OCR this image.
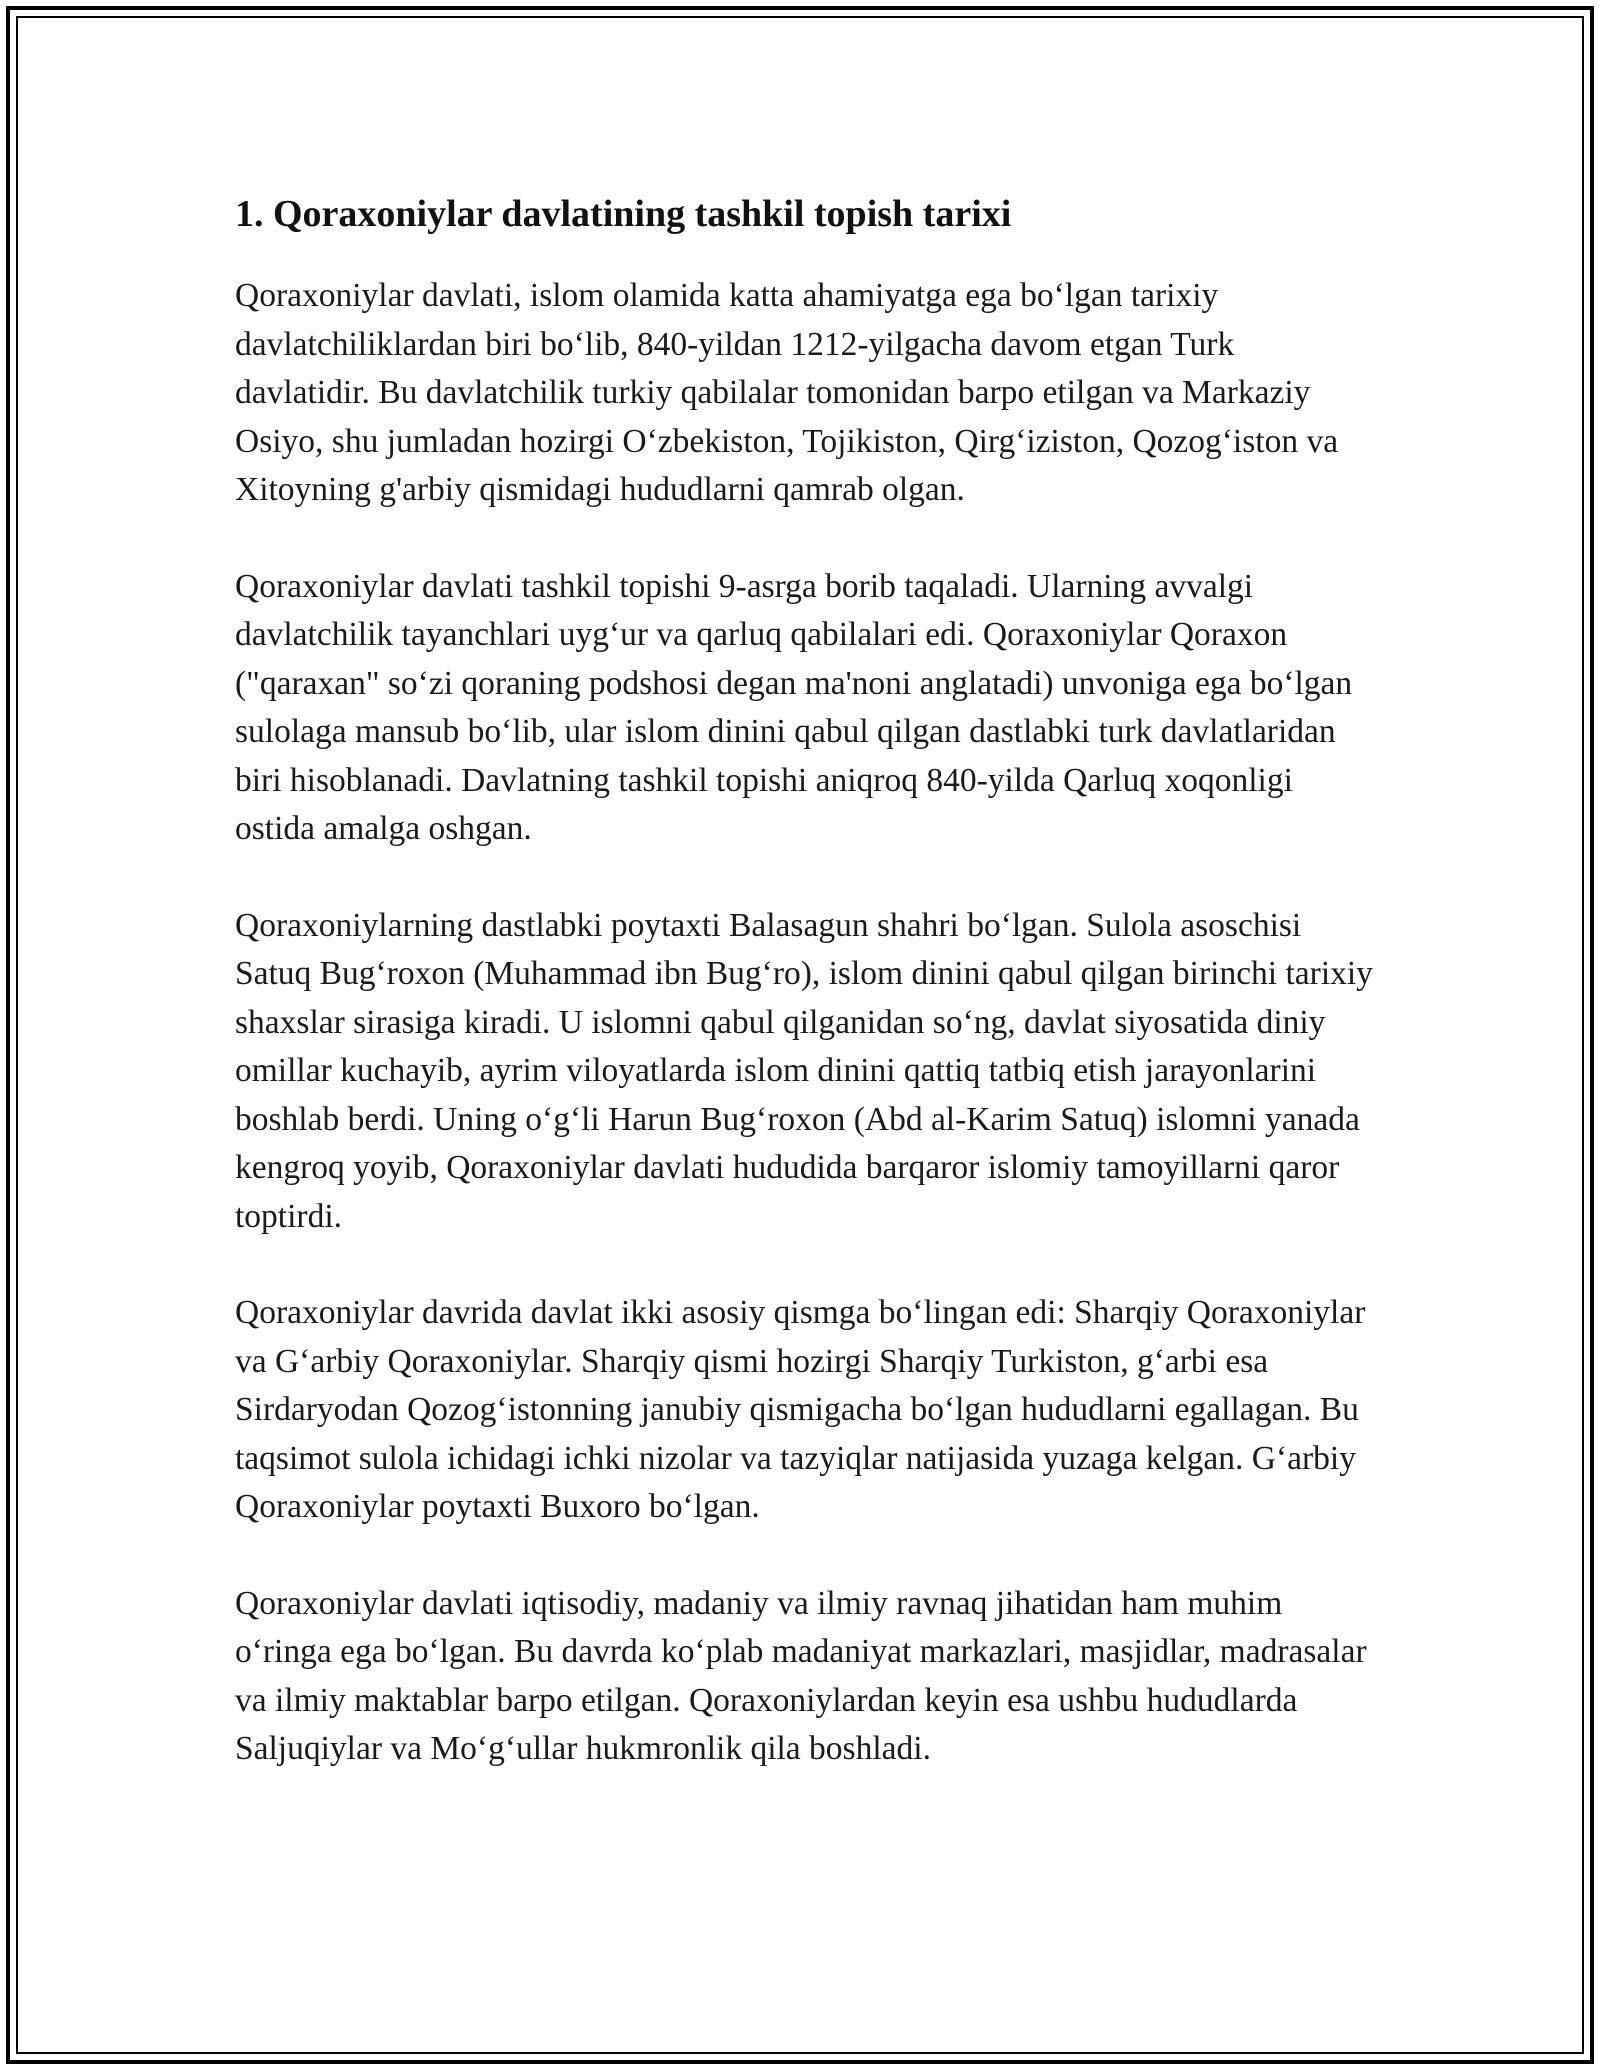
1. Qoraxoniylar davlatining tashkil topish tarixi

Qoraxoniylar davlati, islom olamida katta ahamiyatga ega bo‘lgan tarixiy davlatchiliklardan biri bo‘lib, 840-yildan 1212-yilgacha davom etgan Turk davlatidir. Bu davlatchilik turkiy qabilalar tomonidan barpo etilgan va Markaziy Osiyo, shu jumladan hozirgi O‘zbekiston, Tojikiston, Qirg‘iziston, Qozog‘iston va Xitoyning g'arbiy qismidagi hududlarni qamrab olgan.

Qoraxoniylar davlati tashkil topishi 9-asrga borib taqaladi. Ularning avvalgi davlatchilik tayanchlari uyg‘ur va qarluq qabilalari edi. Qoraxoniylar Qoraxon ("qaraxan" so‘zi qoraning podshosi degan ma'noni anglatadi) unvoniga ega bo‘lgan sulolaga mansub bo‘lib, ular islom dinini qabul qilgan dastlabki turk davlatlaridan biri hisoblanadi. Davlatning tashkil topishi aniqroq 840-yilda Qarluq xoqonligi ostida amalga oshgan.

Qoraxoniylarning dastlabki poytaxti Balasagun shahri bo‘lgan. Sulola asoschisi Satuq Bug‘roxon (Muhammad ibn Bug‘ro), islom dinini qabul qilgan birinchi tarixiy shaxslar sirasiga kiradi. U islomni qabul qilganidan so‘ng, davlat siyosatida diniy omillar kuchayib, ayrim viloyatlarda islom dinini qattiq tatbiq etish jarayonlarini boshlab berdi. Uning o‘g‘li Harun Bug‘roxon (Abd al-Karim Satuq) islomni yanada kengroq yoyib, Qoraxoniylar davlati hududida barqaror islomiy tamoyillarni qaror toptirdi.

Qoraxoniylar davrida davlat ikki asosiy qismga bo‘lingan edi: Sharqiy Qoraxoniylar va G‘arbiy Qoraxoniylar. Sharqiy qismi hozirgi Sharqiy Turkiston, g‘arbi esa Sirdaryodan Qozog‘istonning janubiy qismigacha bo‘lgan hududlarni egallagan. Bu taqsimot sulola ichidagi ichki nizolar va tazyiqlar natijasida yuzaga kelgan. G‘arbiy Qoraxoniylar poytaxti Buxoro bo‘lgan.

Qoraxoniylar davlati iqtisodiy, madaniy va ilmiy ravnaq jihatidan ham muhim o‘ringa ega bo‘lgan. Bu davrda ko‘plab madaniyat markazlari, masjidlar, madrasalar va ilmiy maktablar barpo etilgan. Qoraxoniylardan keyin esa ushbu hududlarda Saljuqiylar va Mo‘g‘ullar hukmronlik qila boshladi.
